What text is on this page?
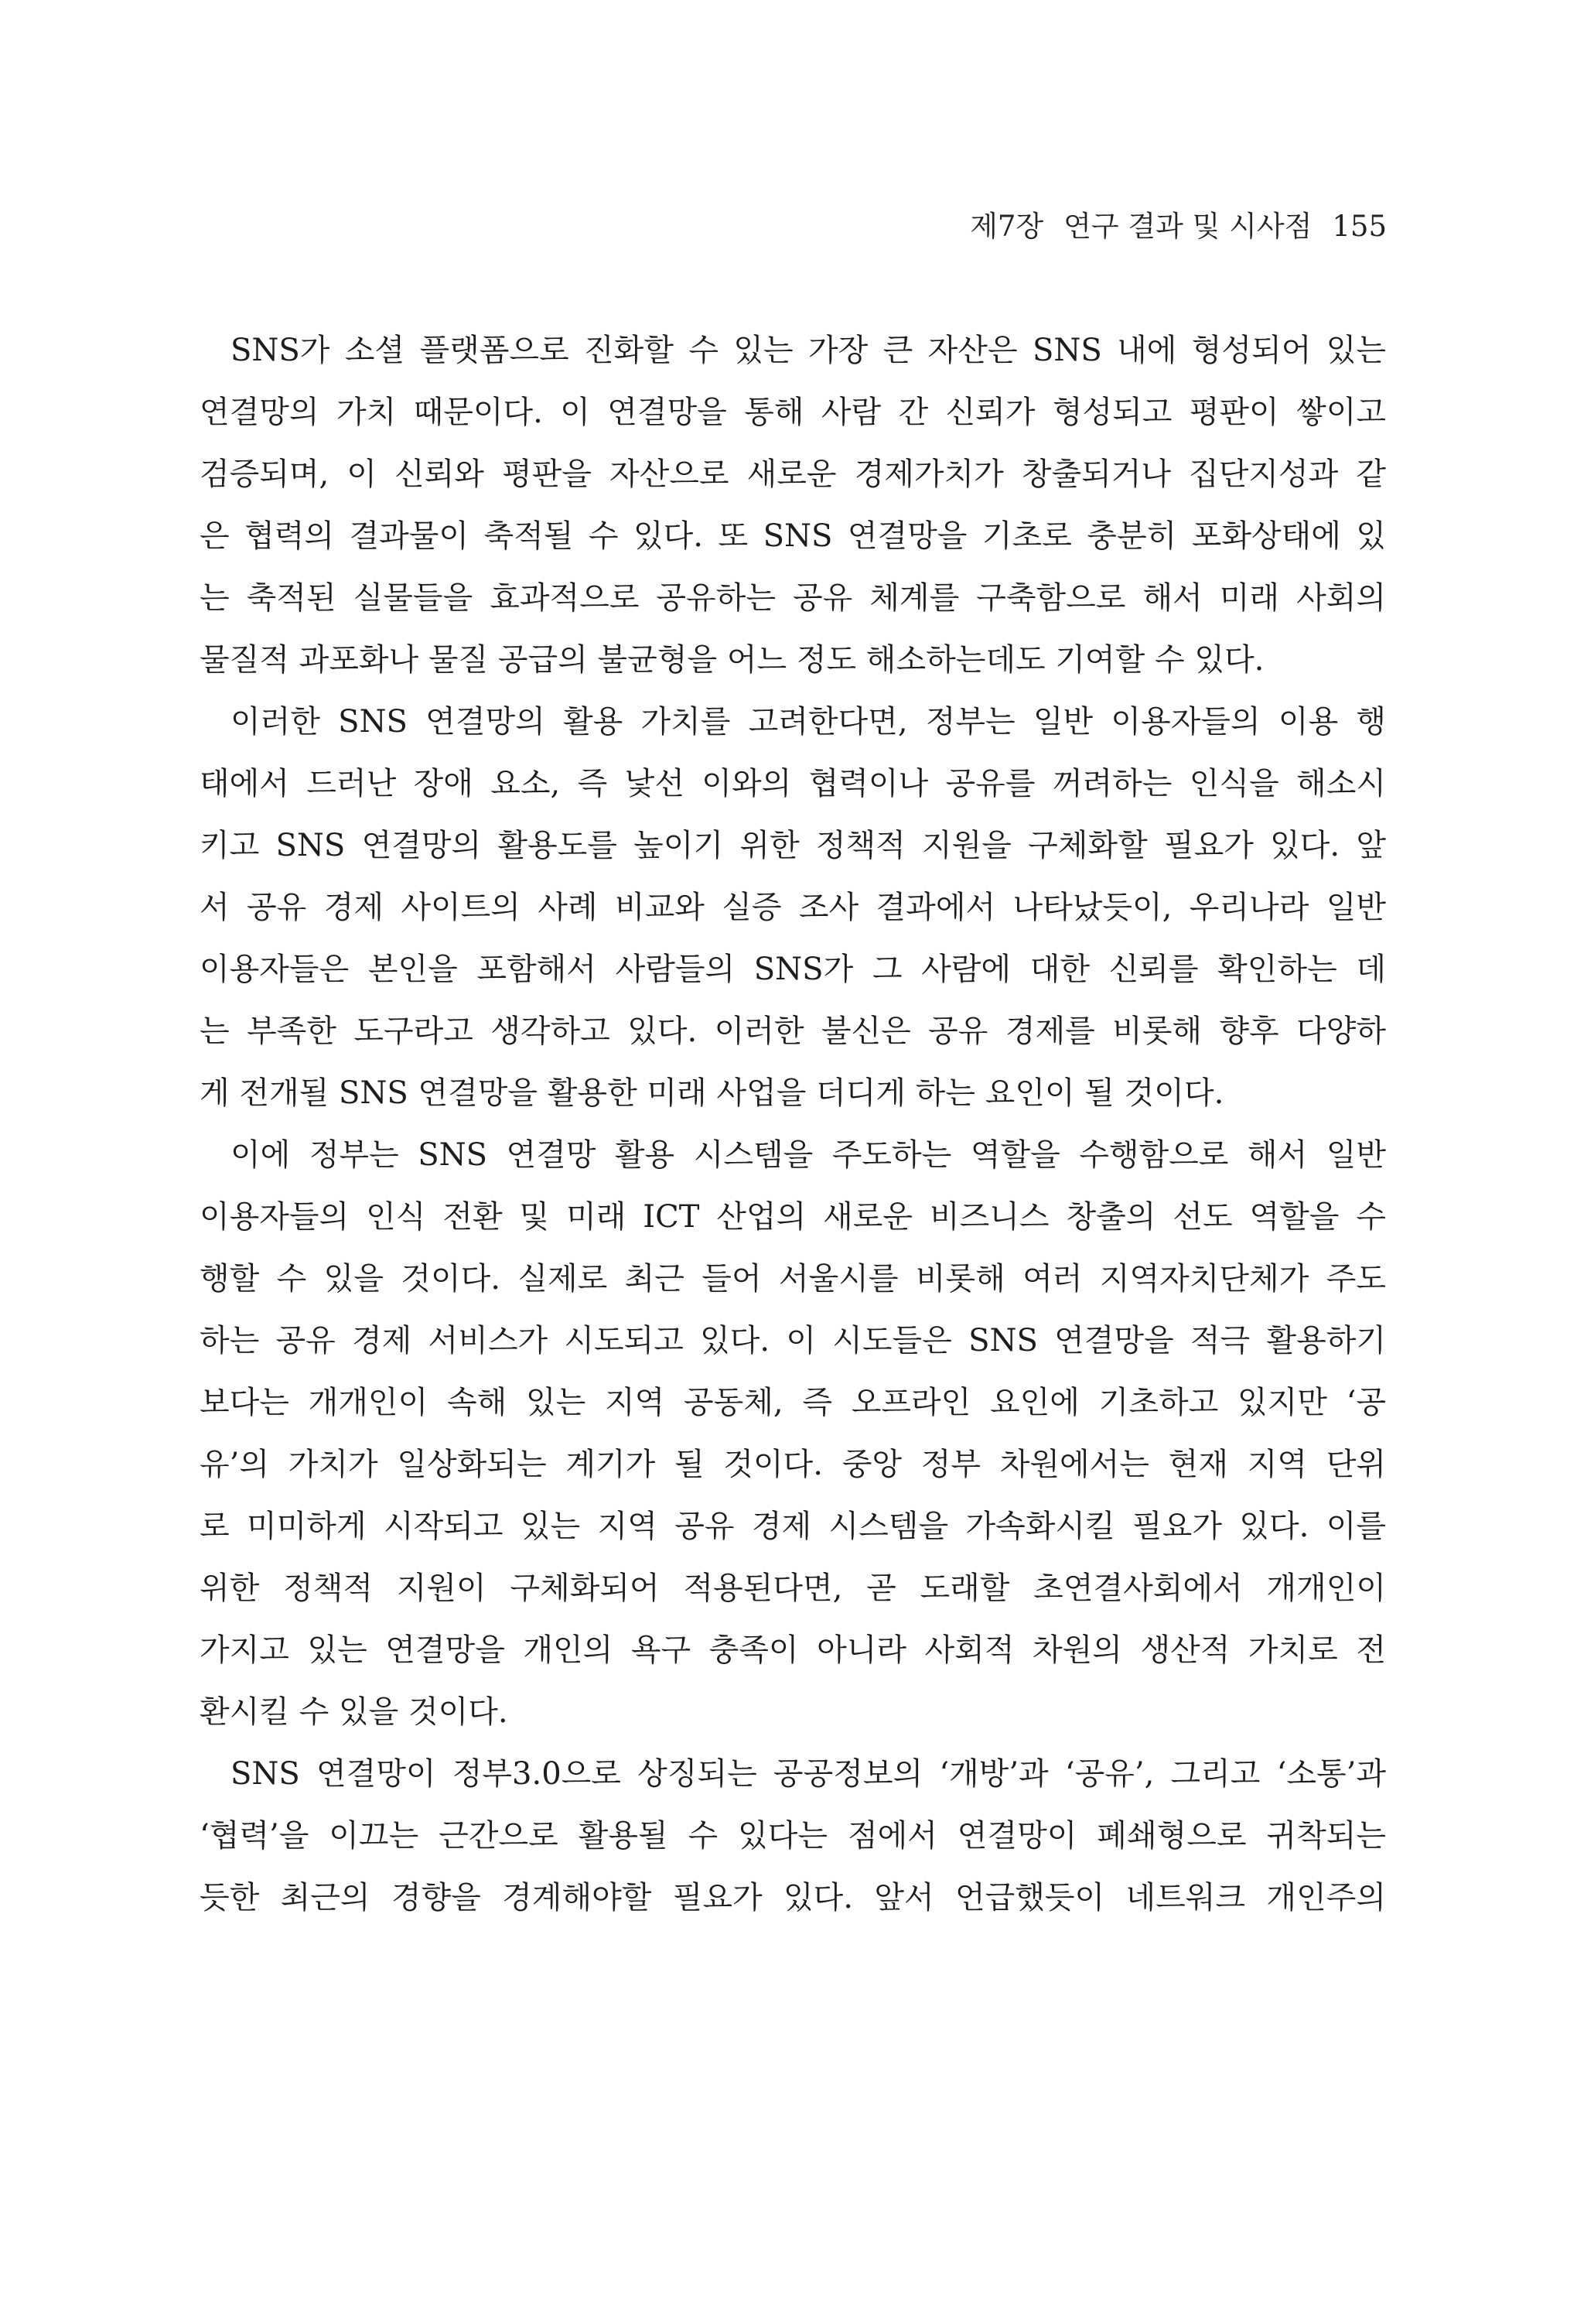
제7장 연구 결과 및 시사점 155
SNS가 소셜 플랫폼으로 진화할 수 있는 가장 큰 자산은 SNS 내에 형성되어 있는
연결망의 가치 때문이다. 이 연결망을 통해 사람 간 신뢰가 형성되고 평판이 쌓이고
검증되며, 이 신뢰와 평판을 자산으로 새로운 경제가치가 창출되거나 집단지성과 같
은 협력의 결과물이 축적될 수 있다. 또 SNS 연결망을 기초로 충분히 포화상태에 있
는 축적된 실물들을 효과적으로 공유하는 공유 체계를 구축함으로 해서 미래 사회의
물질적 과포화나 물질 공급의 불균형을 어느 정도 해소하는데도 기여할 수 있다.
이러한 SNS 연결망의 활용 가치를 고려한다면, 정부는 일반 이용자들의 이용 행
태에서 드러난 장애 요소, 즉 낯선 이와의 협력이나 공유를 꺼려하는 인식을 해소시
키고 SNS 연결망의 활용도를 높이기 위한 정책적 지원을 구체화할 필요가 있다. 앞
서 공유 경제 사이트의 사례 비교와 실증 조사 결과에서 나타났듯이, 우리나라 일반
이용자들은 본인을 포함해서 사람들의 SNS가 그 사람에 대한 신뢰를 확인하는 데
는 부족한 도구라고 생각하고 있다. 이러한 불신은 공유 경제를 비롯해 향후 다양하
게 전개될 SNS 연결망을 활용한 미래 사업을 더디게 하는 요인이 될 것이다.
이에 정부는 SNS 연결망 활용 시스템을 주도하는 역할을 수행함으로 해서 일반
이용자들의 인식 전환 및 미래 ICT 산업의 새로운 비즈니스 창출의 선도 역할을 수
행할 수 있을 것이다. 실제로 최근 들어 서울시를 비롯해 여러 지역자치단체가 주도
하는 공유 경제 서비스가 시도되고 있다. 이 시도들은 SNS 연결망을 적극 활용하기
보다는 개개인이 속해 있는 지역 공동체, 즉 오프라인 요인에 기초하고 있지만 ‘공
유’의 가치가 일상화되는 계기가 될 것이다. 중앙 정부 차원에서는 현재 지역 단위
로 미미하게 시작되고 있는 지역 공유 경제 시스템을 가속화시킬 필요가 있다. 이를
위한 정책적 지원이 구체화되어 적용된다면, 곧 도래할 초연결사회에서 개개인이
가지고 있는 연결망을 개인의 욕구 충족이 아니라 사회적 차원의 생산적 가치로 전
환시킬 수 있을 것이다.
SNS 연결망이 정부3.0으로 상징되는 공공정보의 ‘개방’과 ‘공유’, 그리고 ‘소통’과
‘협력’을 이끄는 근간으로 활용될 수 있다는 점에서 연결망이 폐쇄형으로 귀착되는
듯한 최근의 경향을 경계해야할 필요가 있다. 앞서 언급했듯이 네트워크 개인주의
